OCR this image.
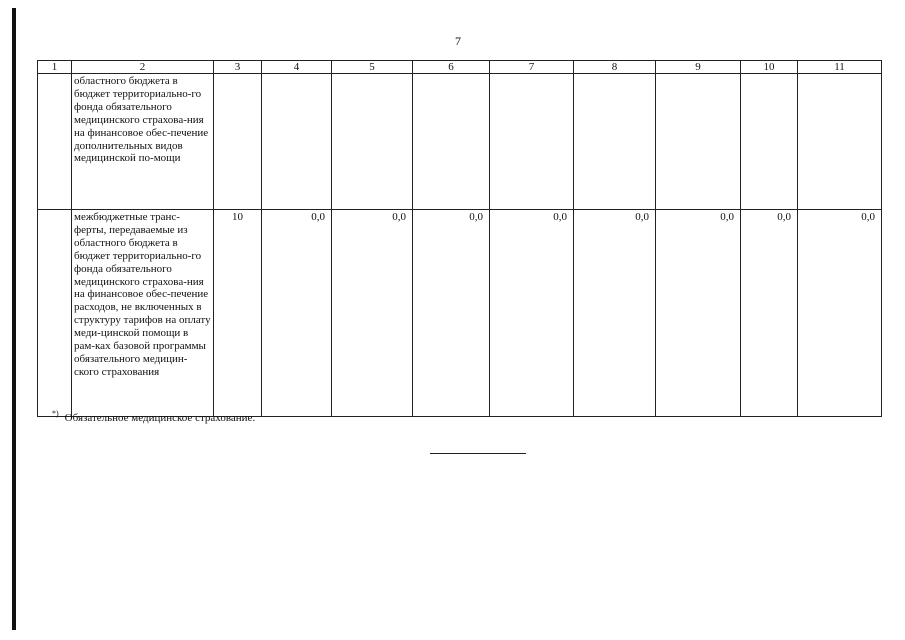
7
1	2	3	4	5	6	7	8	9	10	11
	областного бюджета в бюджет территориально-го фонда обязательного медицинского страхова-ния на финансовое обес-печение дополнительных видов медицинской по-мощи									
	межбюджетные транс-ферты, передаваемые из областного бюджета в бюджет территориально-го фонда обязательного медицинского страхова-ния на финансовое обес-печение расходов, не включенных в структуру тарифов на оплату меди-цинской помощи в рам-ках базовой программы обязательного медицин-ского страхования	10	0,0	0,0	0,0	0,0	0,0	0,0	0,0	0,0
*) Обязательное медицинское страхование.
